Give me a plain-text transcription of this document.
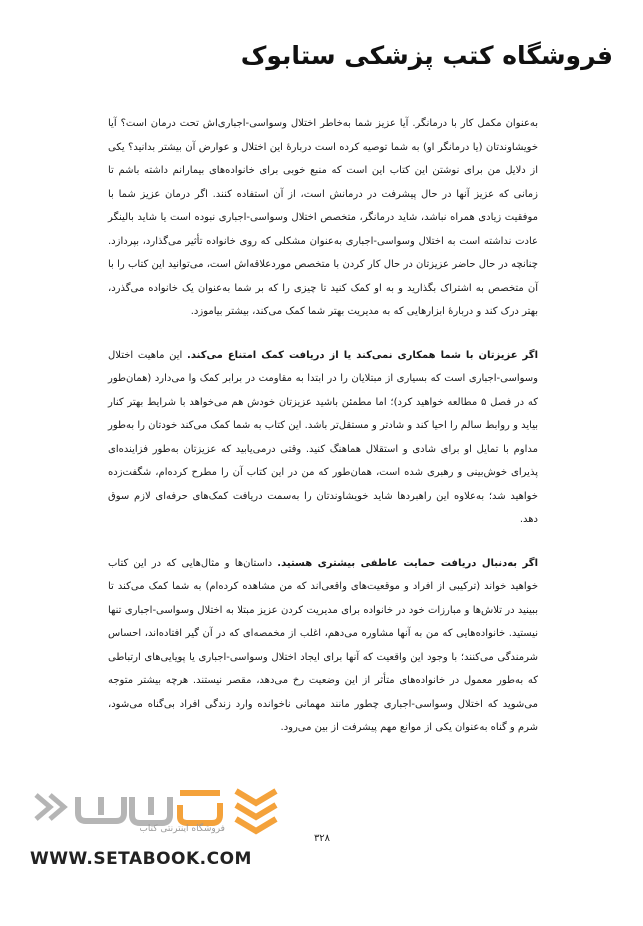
فروشگاه کتب پزشکی ستابوک

به‌عنوان مکمل کار با درمانگر. آیا عزیز شما به‌خاطر اختلال وسواسی-اجباری‌اش تحت درمان است؟ آیا خویشاوندتان (یا درمانگر او) به شما توصیه کرده است دربارهٔ این اختلال و عوارض آن بیشتر بدانید؟ یکی از دلایل من برای نوشتن این کتاب این است که منبع خوبی برای خانواده‌های بیمارانم داشته باشم تا زمانی که عزیز آنها در حال پیشرفت در درمانش است، از آن استفاده کنند. اگر درمان عزیز شما با موفقیت زیادی همراه نباشد، شاید درمانگر، متخصص اختلال وسواسی-اجباری نبوده است یا شاید بالینگر عادت نداشته است به اختلال وسواسی-اجباری به‌عنوان مشکلی که روی خانواده تأثیر می‌گذارد، بپردازد. چنانچه در حال حاضر عزیزتان در حال کار کردن با متخصص موردعلاقه‌اش است، می‌توانید این کتاب را با آن متخصص به اشتراک بگذارید و به او کمک کنید تا چیزی را که بر شما به‌عنوان یک خانواده می‌گذرد، بهتر درک کند و دربارهٔ ابزارهایی که به مدیریت بهتر شما کمک می‌کند، بیشتر بیاموزد.

اگر عزیزتان با شما همکاری نمی‌کند یا از دریافت کمک امتناع می‌کند. این ماهیت اختلال وسواسی-اجباری است که بسیاری از مبتلایان را در ابتدا به مقاومت در برابر کمک وا می‌دارد (همان‌طور که در فصل ۵ مطالعه خواهید کرد)؛ اما مطمئن باشید عزیزتان خودش هم می‌خواهد با شرایط بهتر کنار بیاید و روابط سالم را احیا کند و شادتر و مستقل‌تر باشد. این کتاب به شما کمک می‌کند خودتان را به‌طور مداوم با تمایل او برای شادی و استقلال هماهنگ کنید. وقتی درمی‌یابید که عزیزتان به‌طور فزاینده‌ای پذیرای خوش‌بینی و رهبری شده است، همان‌طور که من در این کتاب آن را مطرح کرده‌ام، شگفت‌زده خواهید شد؛ به‌علاوه این راهبردها شاید خویشاوندتان را به‌سمت دریافت کمک‌های حرفه‌ای لازم سوق دهد.

اگر به‌دنبال دریافت حمایت عاطفی بیشتری هستید. داستان‌ها و مثال‌هایی که در این کتاب خواهید خواند (ترکیبی از افراد و موقعیت‌های واقعی‌اند که من مشاهده کرده‌ام) به شما کمک می‌کند تا ببینید در تلاش‌ها و مبارزات خود در خانواده برای مدیریت کردن عزیز مبتلا به اختلال وسواسی-اجباری تنها نیستید. خانواده‌هایی که من به آنها مشاوره می‌دهم، اغلب از مخمصه‌ای که در آن گیر افتاده‌اند، احساس شرمندگی می‌کنند؛ با وجود این واقعیت که آنها برای ایجاد اختلال وسواسی-اجباری یا پویایی‌های ارتباطی که به‌طور معمول در خانواده‌های متأثر از این وضعیت رخ می‌دهد، مقصر نیستند. هرچه بیشتر متوجه می‌شوید که اختلال وسواسی-اجباری چطور مانند مهمانی ناخوانده وارد زندگی افراد بی‌گناه می‌شود، شرم و گناه به‌عنوان یکی از موانع مهم پیشرفت از بین می‌رود.

۳۲۸
فروشگاه اینترنتی کتاب
WWW.SETABOOK.COM
